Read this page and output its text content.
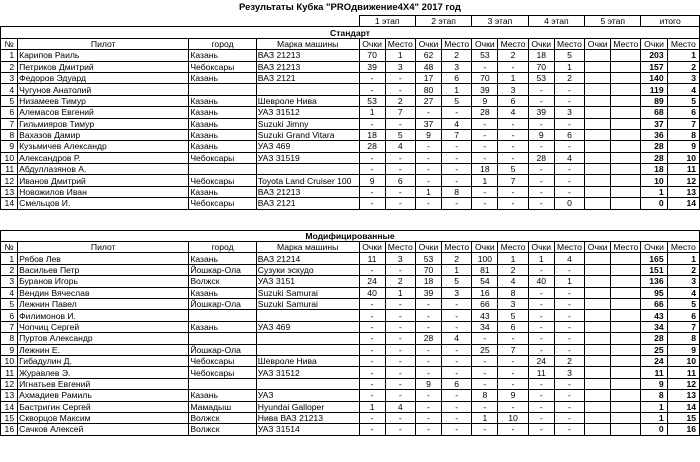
Результаты Кубка "PROдвижение4X4" 2017 год
				1 этап		2 этап		3 этап		4 этап		5 этап		итого	
Стандарт															
№	Пилот	город	Марка машины	Очки	Место	Очки	Место	Очки	Место	Очки	Место	Очки	Место	Очки	Место
1	Карипов Раиль	Казань	ВАЗ 21213	70	1	62	2	53	2	18	5			203	1
2	Петриков Дмитрий	Чебоксары	ВАЗ 21213	39	3	48	3	-	-	70	1			157	2
3	Федоров Эдуард	Казань	ВАЗ 2121	-	-	17	6	70	1	53	2			140	3
4	Чугунов Анатолий			-	-	80	1	39	3	-	-			119	4
5	Низамеев Тимур	Казань	Шевроле Нива	53	2	27	5	9	6	-	-			89	5
6	Алемасов Евгений	Казань	УАЗ 31512	1	7	-	-	28	4	39	3			68	6
7	Гильмияров Тимур	Казань	Suzuki Jimny	-	-	37	4	-	-	-	-			37	7
8	Вахазов Дамир	Казань	Suzuki Grand Vitara	18	5	9	7	-	-	9	6			36	8
9	Кузьмичев Александр	Казань	УАЗ 469	28	4	-	-	-	-	-	-			28	9
10	Александров Р.	Чебоксары	УАЗ 31519	-	-	-	-	-	-	28	4			28	10
11	Абдуллазянов А.			-	-	-	-	18	5	-	-			18	11
12	Иванов Дмитрий	Чебоксары	Toyota Land Cruiser 100	9	6	-	-	1	7	-	-			10	12
13	Новожилов Иван	Казань	ВАЗ 21213	-	-	1	8	-	-	-	-			1	13
14	Смельцов И.	Чебоксары	ВАЗ 2121	-	-	-	-	-	-	-	0			0	14

Модифицированные															
№	Пилот	город	Марка машины	Очки	Место	Очки	Место	Очки	Место	Очки	Место	Очки	Место	Очки	Место
1	Рябов Лев	Казань	ВАЗ 21214	11	3	53	2	100	1	1	4			165	1
2	Васильев Петр	Йошкар-Ола	Сузуки эскудо	-	-	70	1	81	2	-	-			151	2
3	Буранов Игорь	Волжск	УАЗ 3151	24	2	18	5	54	4	40	1			136	3
4	Вендин Вячеслав	Казань	Suzuki Samurai	40	1	39	3	16	8	-	-			95	4
5	Лежнин Павел	Йошкар-Ола	Suzuki Samurai	-	-	-	-	66	3	-	-			66	5
6	Филимонов И.			-	-	-	-	43	5	-	-			43	6
7	Чопчиц Сергей	Казань	УАЗ 469	-	-	-	-	34	6	-	-			34	7
8	Пуртов Александр			-	-	28	4	-	-	-	-			28	8
9	Лежнин Е.	Йошкар-Ола		-	-	-	-	25	7	-	-			25	9
10	Гибадулин Д.	Чебоксары	Шевроле Нива	-	-	-	-	-	-	24	2			24	10
11	Журавлев Э.	Чебоксары	УАЗ 31512	-	-	-	-	-	-	11	3			11	11
12	Игнатьев Евгений			-	-	9	6	-	-	-	-			9	12
13	Ахмадиев Рамиль	Казань	УАЗ	-	-	-	-	8	9	-	-			8	13
14	Бастригин Сергей	Мамадыш	Hyundai Galloper	1	4	-	-	-	-	-	-			1	14
15	Скворцов Максим	Волжск	Нива ВАЗ 21213	-	-	-	-	1	10	-	-			1	15
16	Сачков Алексей	Волжск	УАЗ 31514	-	-	-	-	-	-	-	-			0	16
